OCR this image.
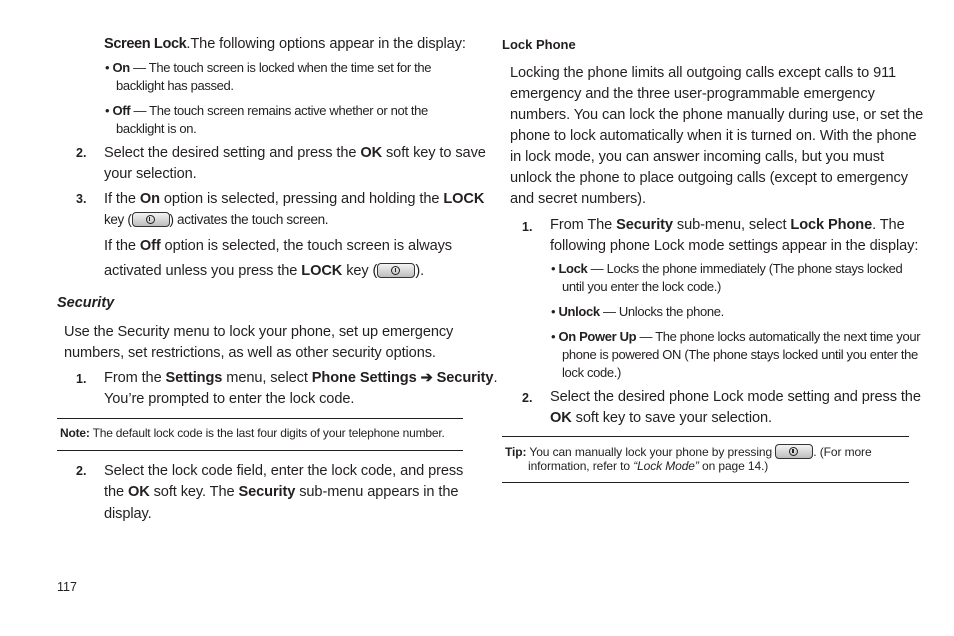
Screen Lock.The following options appear in the display:
• On — The touch screen is locked when the time set for the
backlight has passed.
• Off — The touch screen remains active whether or not the
backlight is on.
2. Select the desired setting and press the OK soft key to save
your selection.
3. If the On option is selected, pressing and holding the LOCK
key (	) activates the touch screen.
If the Off option is selected, the touch screen is always
activated unless you press the LOCK key (	).
Security
Use the Security menu to lock your phone, set up emergency
numbers, set restrictions, as well as other security options.
1. From the Settings menu, select Phone Settings ➔ Security.
You’re prompted to enter the lock code.
Note: The default lock code is the last four digits of your telephone number.
2. Select the lock code field, enter the lock code, and press
the OK soft key. The Security sub-menu appears in the
display.
117
Lock Phone
Locking the phone limits all outgoing calls except calls to 911
emergency and the three user-programmable emergency
numbers. You can lock the phone manually during use, or set the
phone to lock automatically when it is turned on. With the phone
in lock mode, you can answer incoming calls, but you must
unlock the phone to place outgoing calls (except to emergency
and secret numbers).
1. From The Security sub-menu, select Lock Phone. The
following phone Lock mode settings appear in the display:
• Lock — Locks the phone immediately (The phone stays locked
until you enter the lock code.)
• Unlock — Unlocks the phone.
• On Power Up — The phone locks automatically the next time your
phone is powered ON (The phone stays locked until you enter the
lock code.)
2. Select the desired phone Lock mode setting and press the
OK soft key to save your selection.
Tip: You can manually lock your phone by pressing	. (For more
information, refer to “Lock Mode” on page 14.)
